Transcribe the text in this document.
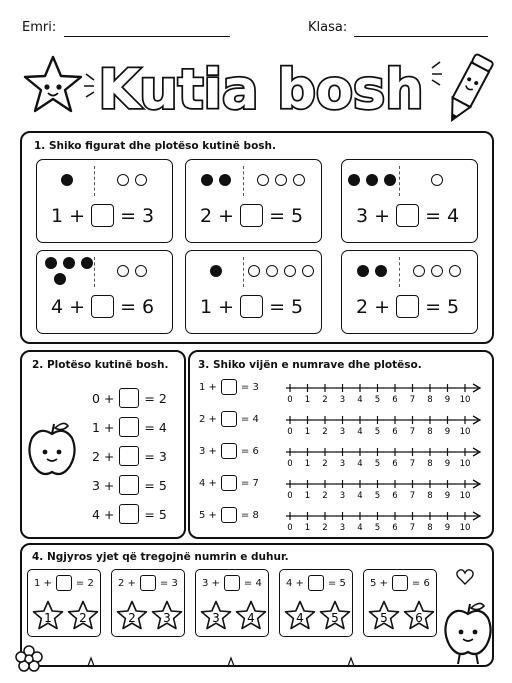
Emri:	Klasa:
Kutia bosh
1. Shiko figurat dhe plotëso kutinë bosh.
1 + = 3 2 + = 5	3 + = 4
4 + = 6 1 + = 5	2 + = 5
2. Plotëso kutinë bosh.
0 + = 2
1 + = 4
2 + = 3
3 + = 5
4 + = 5
3. Shiko vijën e numrave dhe plotëso.
1 + = 3
0 1 2 3 4 5 6 7 8 9 10
2 + = 4
0 1 2 3 4 5 6 7 8 9 10
3 + = 6
0 1 2 3 4 5 6 7 8 9 10
4 + = 7
0 1 2 3 4 5 6 7 8 9 10
5 + = 8
0 1 2 3 4 5 6 7 8 9 10
4. Ngjyros yjet që tregojnë numrin e duhur.
1 + = 2
1 2
2 + = 3
2 3
3 + = 4
3 4
4 + = 5
4 5
5 + = 6
5 6
